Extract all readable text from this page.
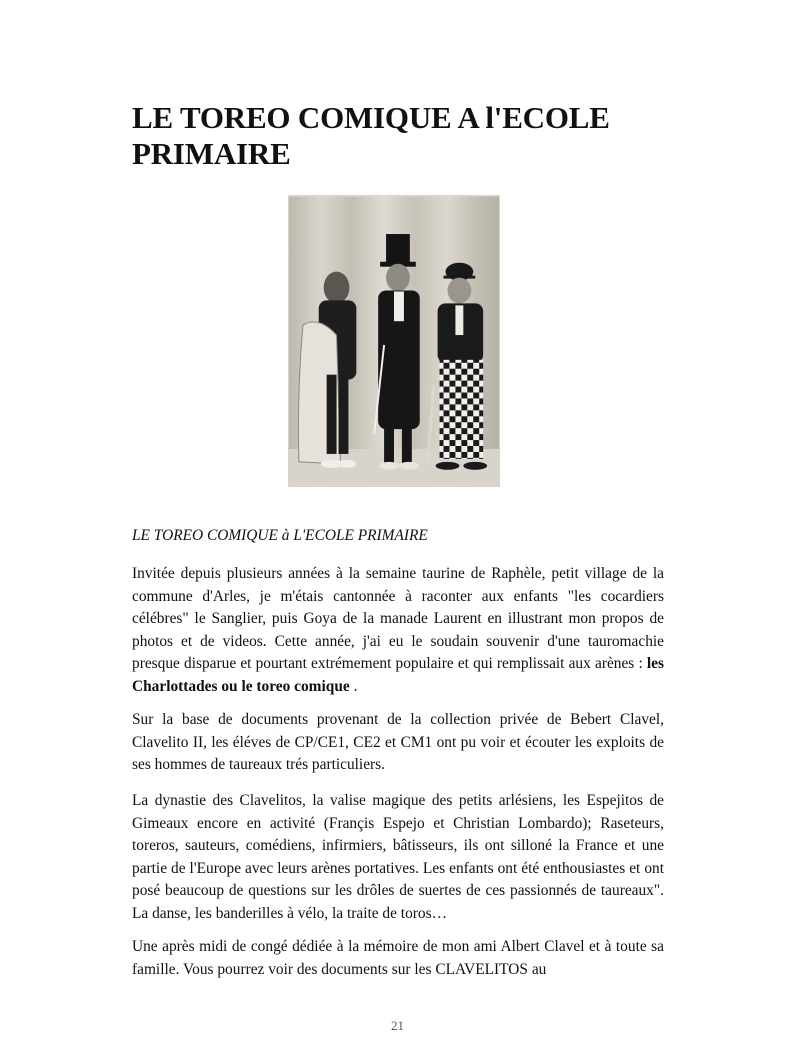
LE TOREO COMIQUE A l'ECOLE PRIMAIRE

LE TOREO COMIQUE à L'ECOLE PRIMAIRE

Invitée depuis plusieurs années à la semaine taurine de Raphèle, petit village de la commune d'Arles, je m'étais cantonnée à raconter aux enfants "les cocardiers célébres" le Sanglier, puis Goya de la manade Laurent en illustrant mon propos de photos et de videos. Cette année, j'ai eu le soudain souvenir d'une tauromachie presque disparue et pourtant extrémement populaire et qui remplissait aux arènes : les Charlottades ou le toreo comique .

Sur la base de documents provenant de la collection privée de Bebert Clavel, Clavelito II, les éléves de CP/CE1, CE2 et CM1 ont pu voir et écouter les exploits de ses hommes de taureaux trés particuliers.

La dynastie des Clavelitos, la valise magique des petits arlésiens, les Espejitos de Gimeaux encore en activité (Françis Espejo et Christian Lombardo); Raseteurs, toreros, sauteurs, comédiens, infirmiers, bâtisseurs, ils ont silloné la France et une partie de l'Europe avec leurs arènes portatives. Les enfants ont été enthousiastes et ont posé beaucoup de questions sur les drôles de suertes de ces passionnés de taureaux". La danse, les banderilles à vélo, la traite de toros…

Une après midi de congé dédiée à la mémoire de mon ami Albert Clavel et à toute sa famille. Vous pourrez voir des documents sur les CLAVELITOS au

21
